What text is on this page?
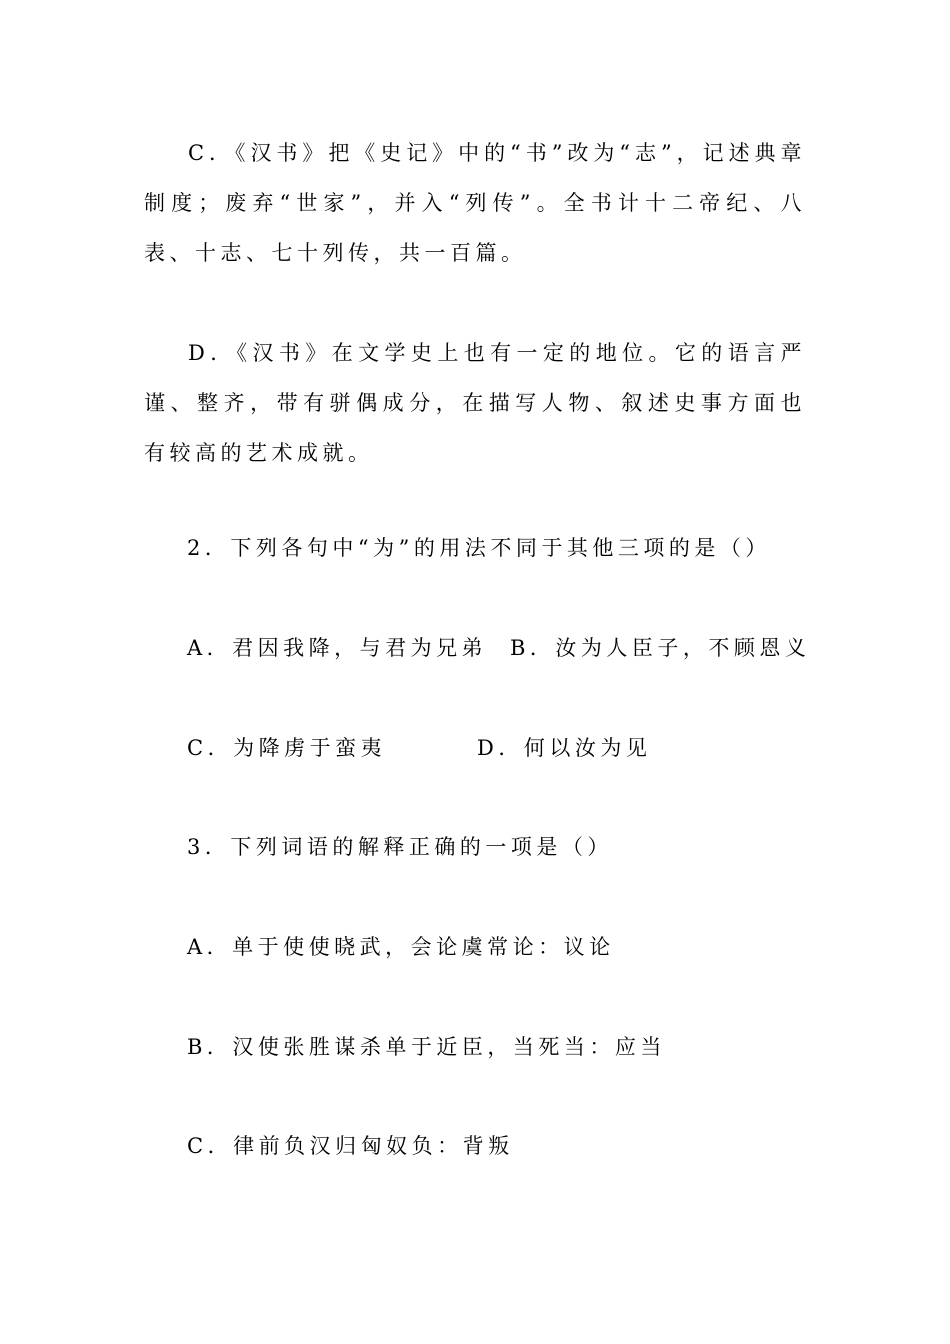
C．《汉书》把《史记》中的“书”改为“志”，记述典章制度；废弃“世家”，并入“列传”。全书计十二帝纪、八表、十志、七十列传，共一百篇。
D．《汉书》在文学史上也有一定的地位。它的语言严谨、整齐，带有骈偶成分，在描写人物、叙述史事方面也有较高的艺术成就。
2．下列各句中“为”的用法不同于其他三项的是（）
A．君因我降，与君为兄弟 B．汝为人臣子，不顾恩义
C．为降虏于蛮夷	D．何以汝为见
3．下列词语的解释正确的一项是（）
A．单于使使晓武，会论虞常论：议论
B．汉使张胜谋杀单于近臣，当死当：应当
C．律前负汉归匈奴负：背叛
